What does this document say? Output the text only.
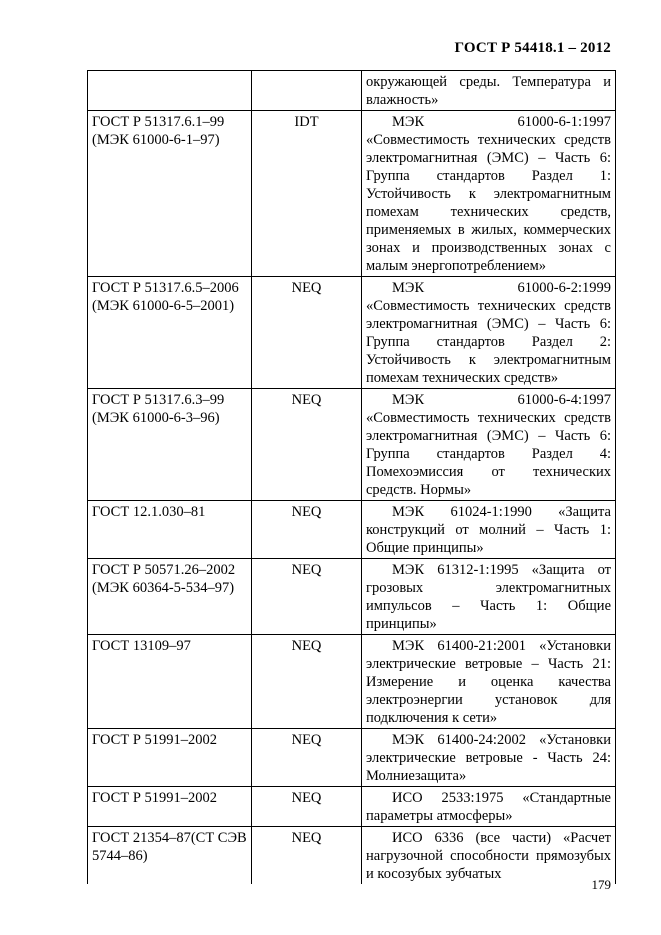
ГОСТ Р 54418.1 – 2012

		окружающей среды. Температура и влажность»

ГОСТ Р 51317.6.1–99 (МЭК 61000-6-1–97)	IDT	МЭК 61000-6-1:1997 «Совместимость технических средств электромагнитная (ЭМС) – Часть 6: Группа стандартов Раздел 1: Устойчивость к электромагнитным помехам технических средств, применяемых в жилых, коммерческих зонах и производственных зонах с малым энергопотреблением»

ГОСТ Р 51317.6.5–2006 (МЭК 61000-6-5–2001)	NEQ	МЭК 61000-6-2:1999 «Совместимость технических средств электромагнитная (ЭМС) – Часть 6: Группа стандартов Раздел 2: Устойчивость к электромагнитным помехам технических средств»

ГОСТ Р 51317.6.3–99 (МЭК 61000-6-3–96)	NEQ	МЭК 61000-6-4:1997 «Совместимость технических средств электромагнитная (ЭМС) – Часть 6: Группа стандартов Раздел 4: Помехоэмиссия от технических средств. Нормы»

ГОСТ 12.1.030–81	NEQ	МЭК 61024-1:1990 «Защита конструкций от молний – Часть 1: Общие принципы»

ГОСТ Р 50571.26–2002 (МЭК 60364-5-534–97)	NEQ	МЭК 61312-1:1995 «Защита от грозовых электромагнитных импульсов – Часть 1: Общие принципы»

ГОСТ 13109–97	NEQ	МЭК 61400-21:2001 «Установки электрические ветровые – Часть 21: Измерение и оценка качества электроэнергии установок для подключения к сети»

ГОСТ Р 51991–2002	NEQ	МЭК 61400-24:2002 «Установки электрические ветровые - Часть 24: Молниезащита»

ГОСТ Р 51991–2002	NEQ	ИСО 2533:1975 «Стандартные параметры атмосферы»

ГОСТ 21354–87(СТ СЭВ 5744–86)	NEQ	ИСО 6336 (все части) «Расчет нагрузочной способности прямозубых и косозубых зубчатых
179
